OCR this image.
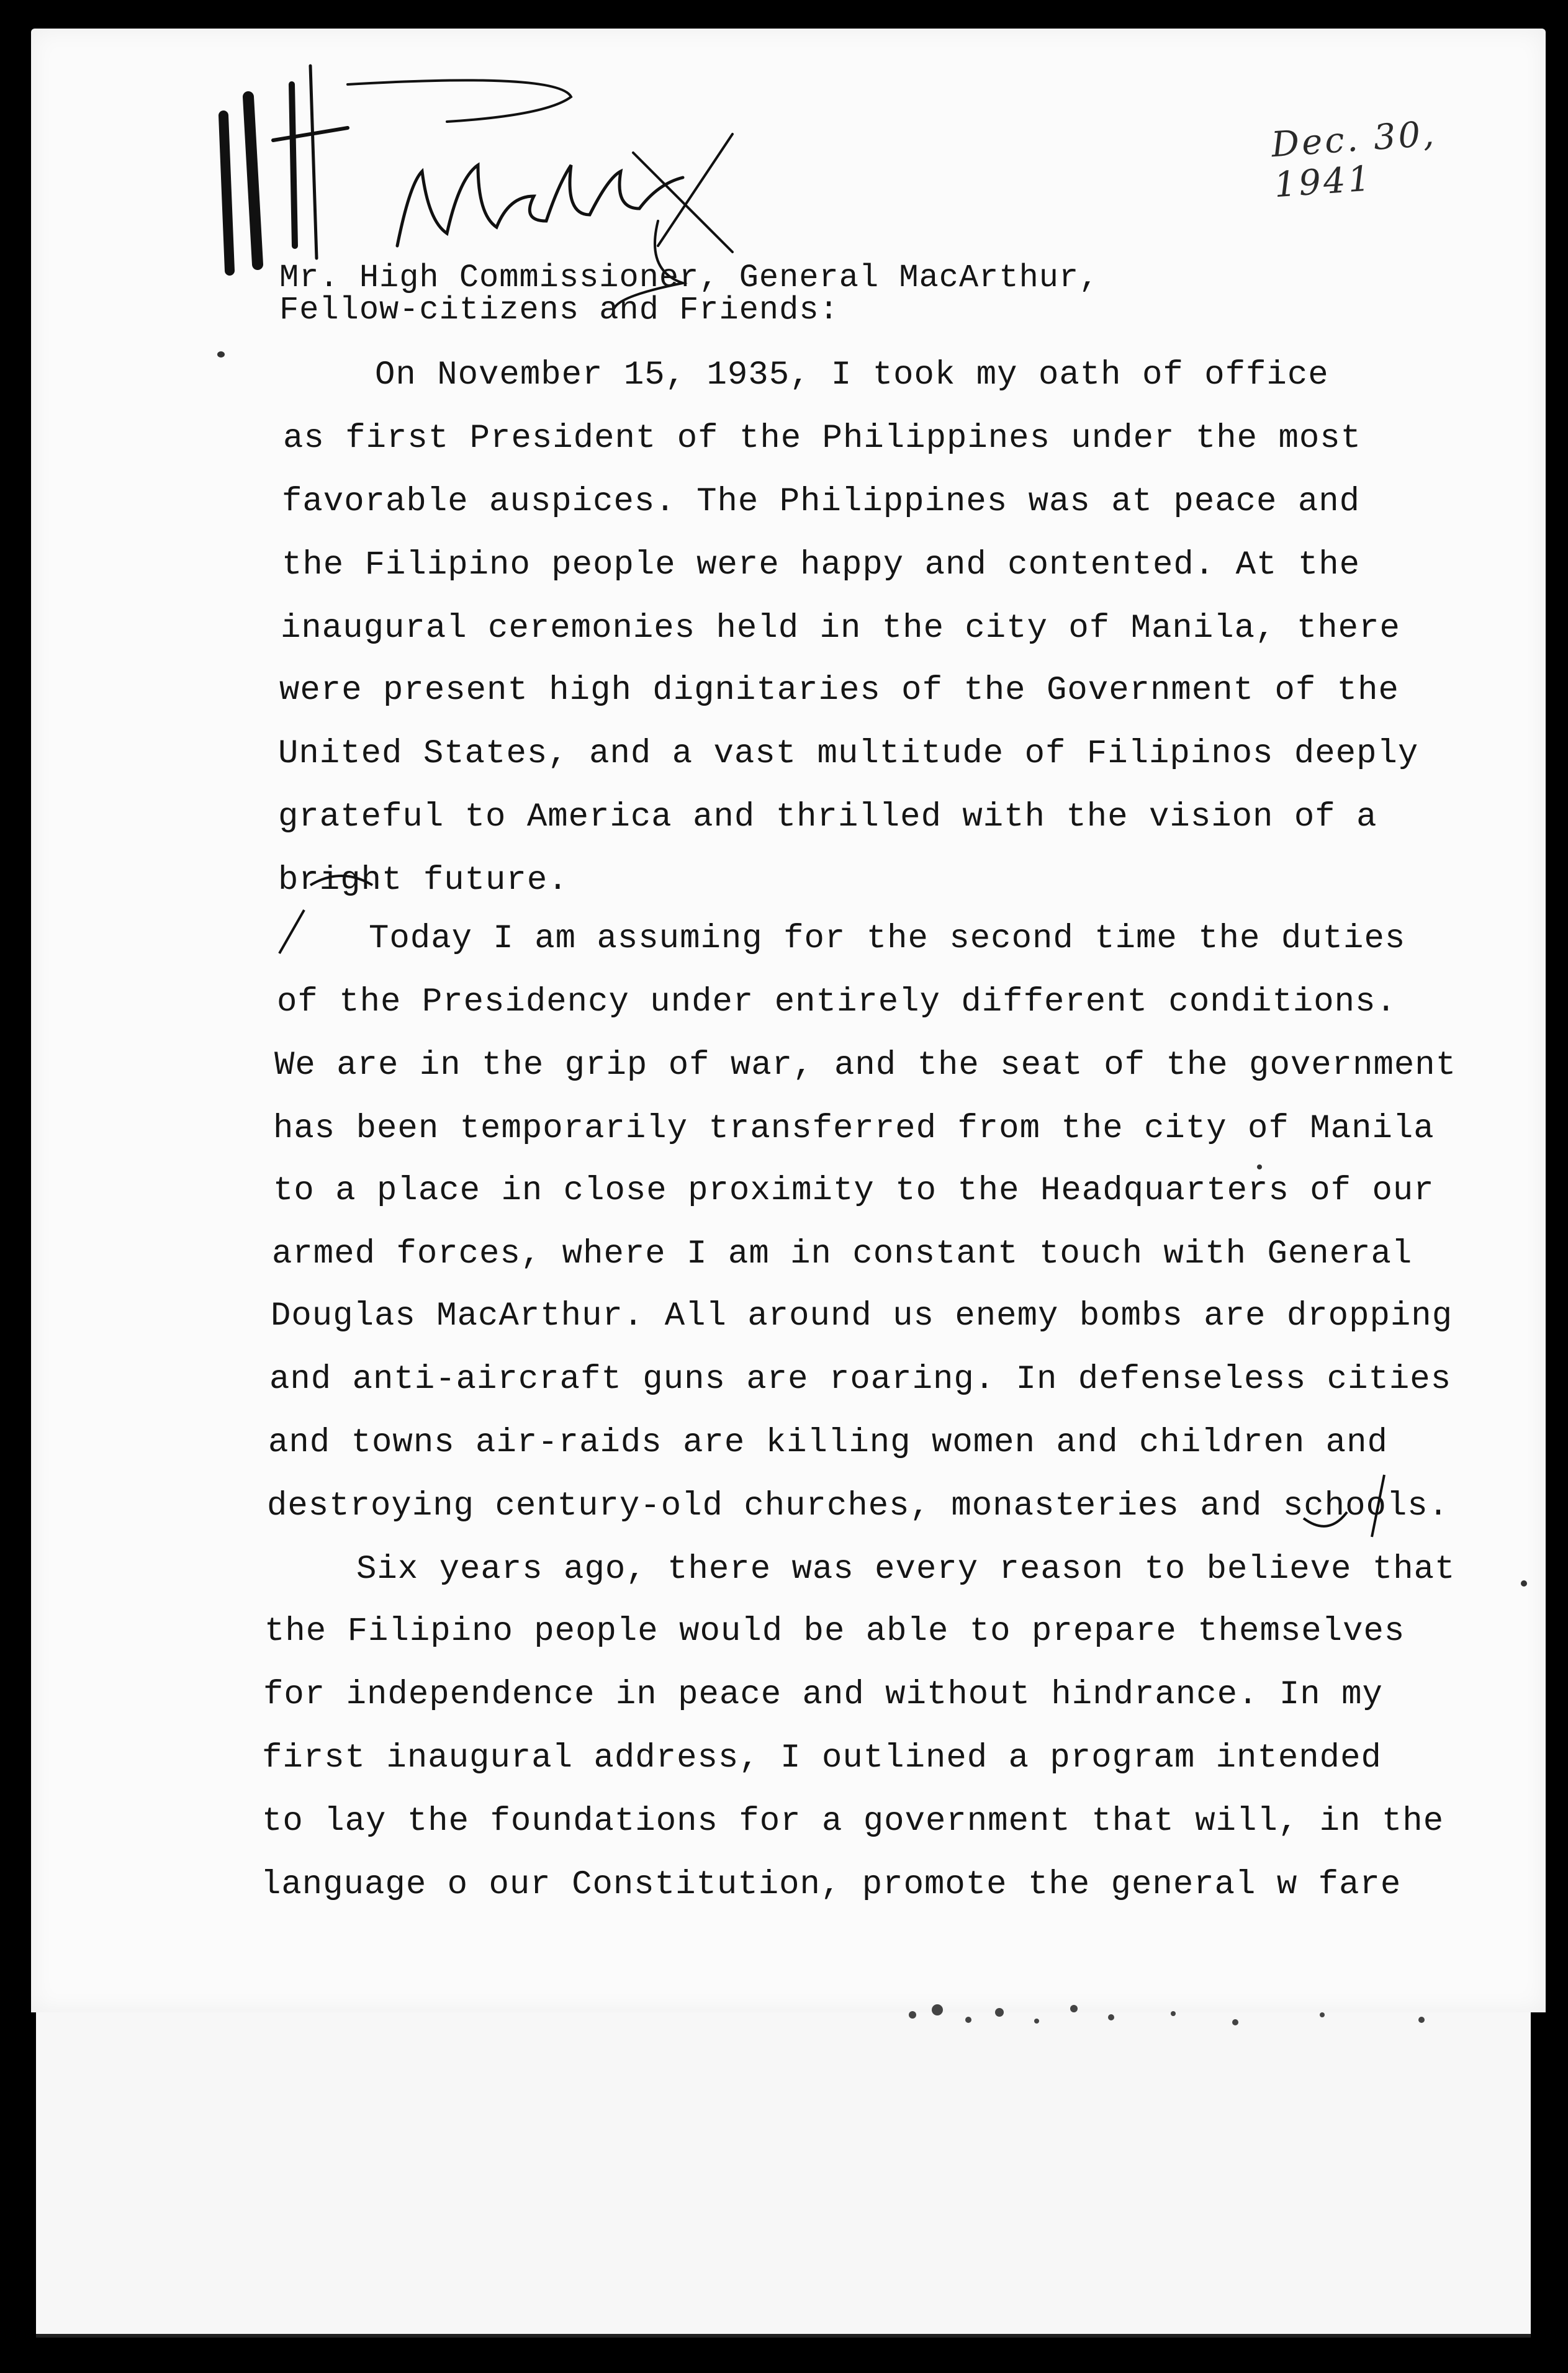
Dec. 30, 1941
Mr. High Commissioner, General MacArthur,
Fellow-citizens and Friends:
On November 15, 1935, I took my oath of office
as first President of the Philippines under the most
favorable auspices. The Philippines was at peace and
the Filipino people were happy and contented. At the
inaugural ceremonies held in the city of Manila, there
were present high dignitaries of the Government of the
United States, and a vast multitude of Filipinos deeply
grateful to America and thrilled with the vision of a
bright future.
Today I am assuming for the second time the duties
of the Presidency under entirely different conditions.
We are in the grip of war, and the seat of the government
has been temporarily transferred from the city of Manila
to a place in close proximity to the Headquarters of our
armed forces, where I am in constant touch with General
Douglas MacArthur. All around us enemy bombs are dropping
and anti-aircraft guns are roaring. In defenseless cities
and towns air-raids are killing women and children and
destroying century-old churches, monasteries and schools.
Six years ago, there was every reason to believe that
the Filipino people would be able to prepare themselves
for independence in peace and without hindrance. In my
first inaugural address, I outlined a program intended
to lay the foundations for a government that will, in the
language o our Constitution, promote the general w fare
